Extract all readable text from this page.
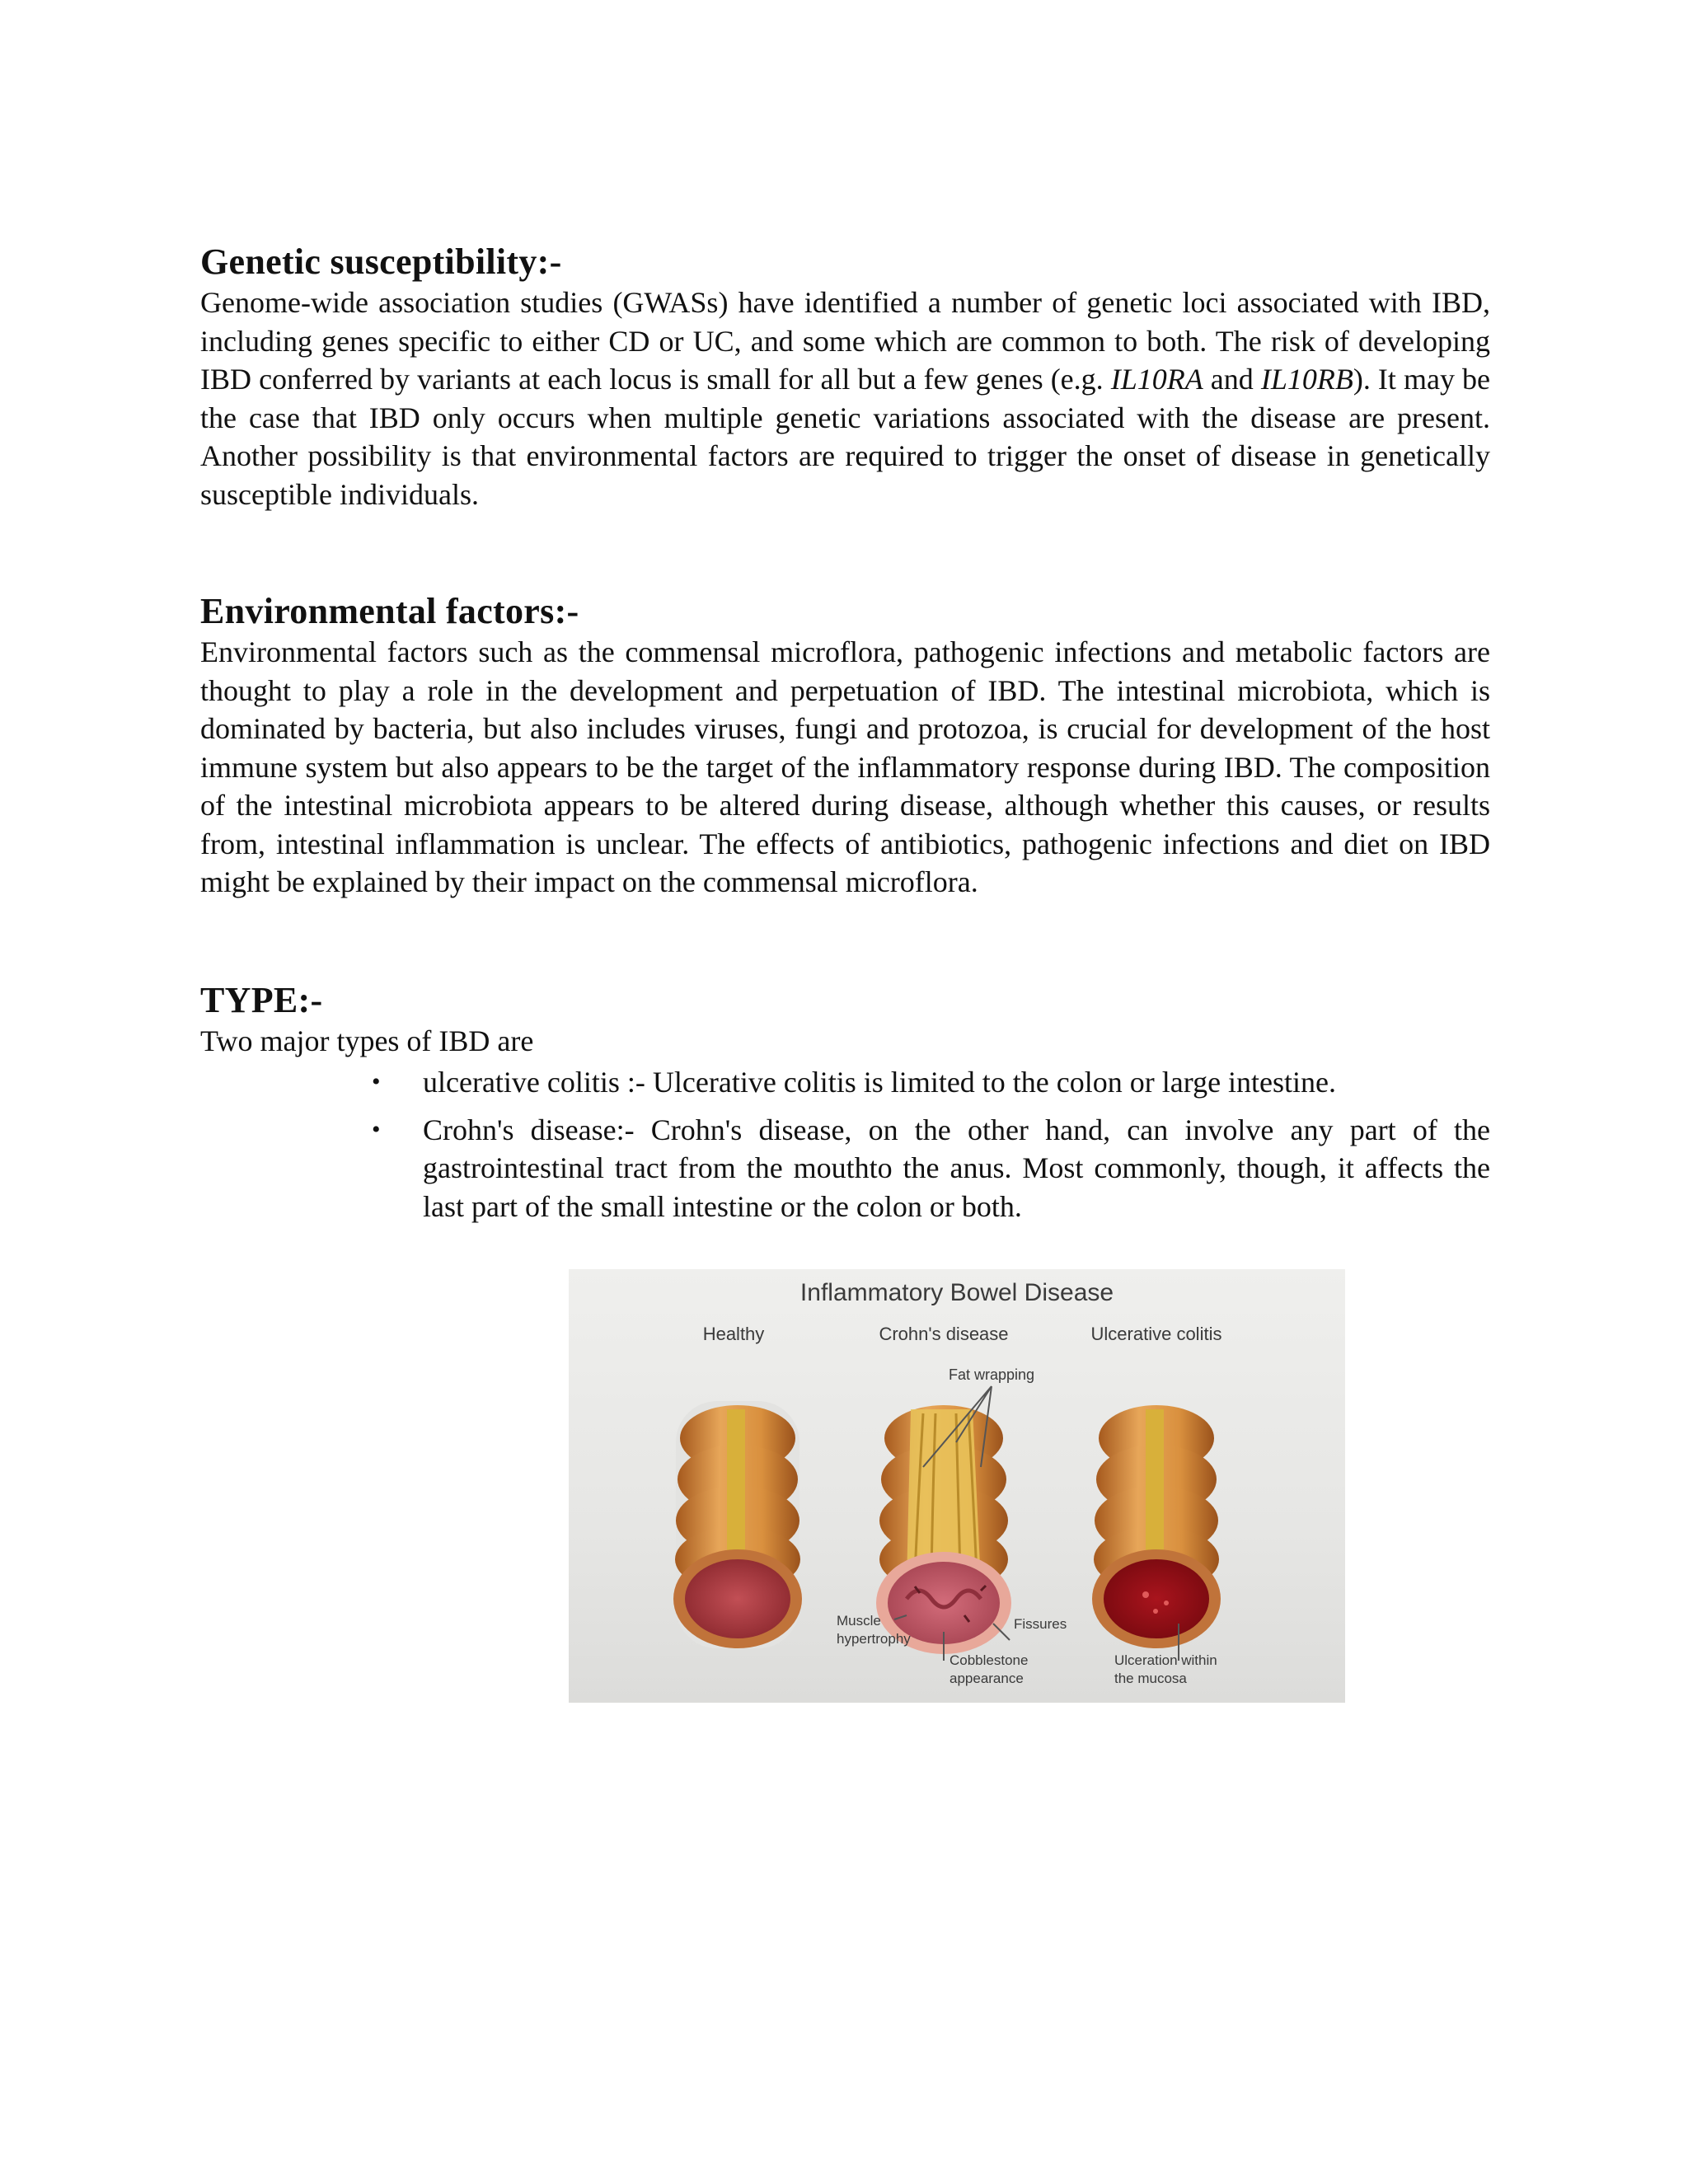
Genetic susceptibility:-

Genome-wide association studies (GWASs) have identified a number of genetic loci associated with IBD, including genes specific to either CD or UC, and some which are common to both. The risk of developing IBD conferred by variants at each locus is small for all but a few genes (e.g. IL10RA and IL10RB). It may be the case that IBD only occurs when multiple genetic variations associated with the disease are present. Another possibility is that environmental factors are required to trigger the onset of disease in genetically susceptible individuals.

Environmental factors:-

Environmental factors such as the commensal microflora, pathogenic infections and metabolic factors are thought to play a role in the development and perpetuation of IBD. The intestinal microbiota, which is dominated by bacteria, but also includes viruses, fungi and protozoa, is crucial for development of the host immune system but also appears to be the target of the inflammatory response during IBD. The composition of the intestinal microbiota appears to be altered during disease, although whether this causes, or results from, intestinal inflammation is unclear. The effects of antibiotics, pathogenic infections and diet on IBD might be explained by their impact on the commensal microflora.

TYPE:-

Two major types of IBD are

• ulcerative colitis :- Ulcerative colitis is limited to the colon or large intestine.
• Crohn's disease:- Crohn's disease, on the other hand, can involve any part of the gastrointestinal tract from the mouthto the anus. Most commonly, though, it affects the last part of the small intestine or the colon or both.
Inflammatory Bowel Disease
Healthy	Crohn's disease	Ulcerative colitis
Fat wrapping
Muscle
hypertrophy
Fissures
Cobblestone
appearance
Ulceration within
the mucosa
